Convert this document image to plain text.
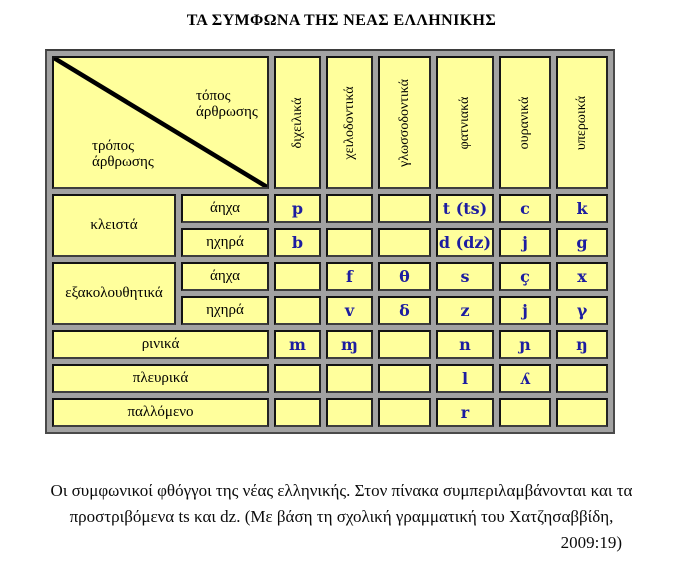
ΤΑ ΣΥΜΦΩΝΑ ΤΗΣ ΝΕΑΣ ΕΛΛΗΝΙΚΗΣ
τόπος άρθρωσης
τρόπος άρθρωσης		διχειλικά	χειλοδοντικά	γλωσσοδοντικά	φατνιακά	ουρανικά	υπερωικά

κλειστά	άηχα	p			t (ts)	c	k
	ηχηρά	b			d (dz)	j	g
εξακολουθητικά	άηχα		f	θ	s	ç	x
	ηχηρά		v	δ	z	j	γ
ρινικά		m	ɱ		n	ɲ	ŋ
πλευρικά					l	ʎ	
παλλόμενο					r		
Οι συμφωνικοί φθόγγοι της νέας ελληνικής. Στον πίνακα συμπεριλαμβάνονται και τα
προστριβόμενα ts και dz. (Με βάση τη σχολική γραμματική του Χατζησαββίδη,
2009:19)
